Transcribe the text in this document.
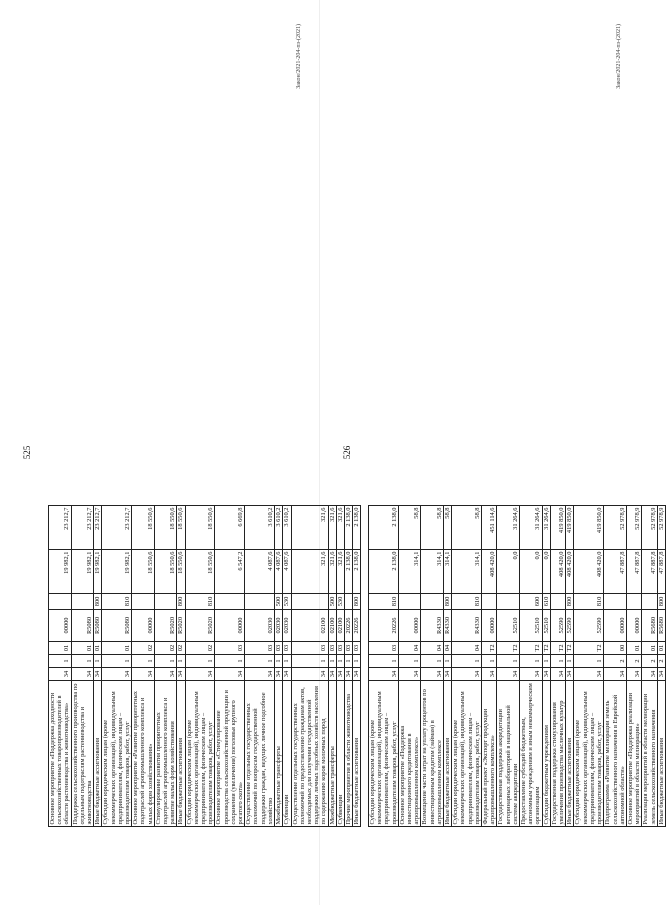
525
Основное мероприятие «Поддержка доходности сельскохозяйственных товаропроизводителей в области растениеводства и животноводства»	34	1	01	00000		19 982,1	23 212,7
Поддержка сельскохозяйственного производства по отдельным подотраслям растениеводства и животноводства	34	1	01	R5080		19 982,1	23 212,7
Иные бюджетные ассигнования	34	1	01	R5080	800	19 982,1	23 212,7
Субсидии юридическим лицам (кроме некоммерческих организаций), индивидуальным предпринимателям, физическим лицам – производителям товаров, работ, услуг	34	1	01	R5080	810	19 982,1	23 212,7
Основное мероприятие «Развитие приоритетных подотраслей агропромышленного комплекса и малых форм хозяйствования»	34	1	02	00000		18 550,6	18 550,6
Стимулирование развития приоритетных подотраслей агропромышленного комплекса и развитие малых форм хозяйствования	34	1	02	R5020		18 550,6	18 550,6
Иные бюджетные ассигнования	34	1	02	R5020	800	18 550,6	18 550,6
Субсидии юридическим лицам (кроме некоммерческих организаций), индивидуальным предпринимателям, физическим лицам – производителям товаров, работ, услуг	34	1	02	R5020	810	18 550,6	18 550,6
Основное мероприятие «Стимулирование производства сельскохозяйственной продукции и сохранения (увеличения) поголовья крупного рогатого скота»	34	1	03	00000		6 547,2	6 669,8
Осуществление отдельных государственных полномочий по вопросам государственной поддержки граждан, ведущих личное подсобное хозяйство	34	1	03	02030		4 087,6	3 610,2
Межбюджетные трансферты	34	1	03	02030	500	4 087,6	3 610,2
Субвенции	34	1	03	02030	530	4 087,6	3 610,2
Осуществление отдельных государственных полномочий по предоставлению гражданам актов, необходимых для получения государственной поддержки личных подсобных хозяйств населения по содержанию коров молочных пород	34	1	03	02100		321,6	321,6
Межбюджетные трансферты	34	1	03	02100	500	321,6	321,6
Субвенции	34	1	03	02100	530	321,6	321,6
Прочие мероприятия в области животноводства	34	1	03	20226		2 138,0	2 138,0
Иные бюджетные ассигнования	34	1	03	20226	800	2 138,0	2 138,0
Закон/2021-204-пз-(2021)
526
Субсидии юридическим лицам (кроме некоммерческих организаций), индивидуальным предпринимателям, физическим лицам – производителям товаров, работ, услуг	34	1	03	20226	810	2 138,0	2 138,0
Основное мероприятие «Поддержка инвестиционного кредитования в агропромышленном комплексе»	34	1	04	00000		314,1	58,8
Возмещение части затрат на уплату процентов по инвестиционным кредитам (займам) в агропромышленном комплексе	34	1	04	R4330		314,1	58,8
Иные бюджетные ассигнования	34	1	04	R4330	800	314,1	58,8
Субсидии юридическим лицам (кроме некоммерческих организаций), индивидуальным предпринимателям, физическим лицам – производителям товаров, работ, услуг	34	1	04	R4330	810	314,1	58,8
Федеральный проект «Экспорт продукции агропромышленного комплекса»	34	1	T2	00000		408 420,0	451 114,6
Государственная поддержка аккредитации ветеринарных лабораторий в национальной системе аккредитации	34	1	T2	52510		0,0	31 264,6
Предоставление субсидий бюджетным, автономным учреждениям и иным некоммерческим организациям	34	1	T2	52510	600	0,0	31 264,6
Субсидии бюджетным учреждениям	34	1	T2	52510	610	0,0	31 264,6
Государственная поддержка стимулирования увеличения производства масличных культур	34	1	T2	52590		408 420,0	419 850,0
Иные бюджетные ассигнования	34	1	T2	52590	800	408 420,0	419 850,0
Субсидии юридическим лицам (кроме некоммерческих организаций), индивидуальным предпринимателям, физическим лицам – производителям товаров, работ, услуг	34	1	T2	52590	810	408 420,0	419 850,0
Подпрограмма «Развитие мелиорации земель сельскохозяйственного назначения в Еврейской автономной области»	34	2	00	00000		47 887,8	52 978,9
Основное мероприятие «Поддержка реализации мероприятий в области мелиорации»	34	2	01	00000		47 887,8	52 978,9
Реализация мероприятий в области мелиорации земель сельскохозяйственного назначения	34	2	01	R5680		47 887,8	52 978,9
Иные бюджетные ассигнования	34	2	01	R5680	800	47 887,8	52 978,9
Закон/2021-204-пз-(2021)
